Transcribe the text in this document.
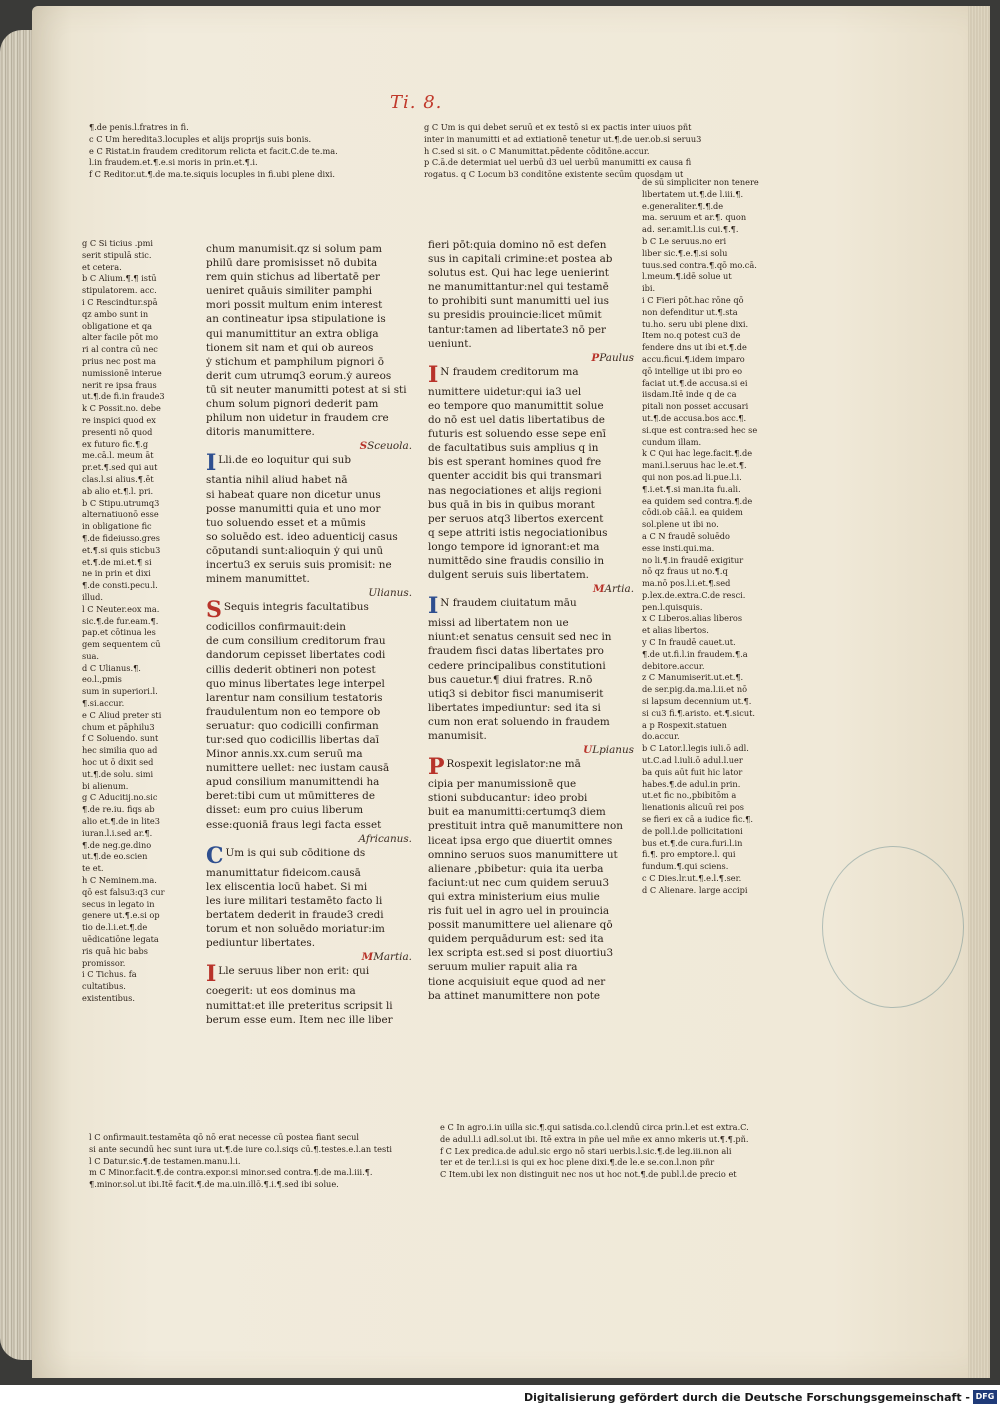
Ti. 8.

¶.de penis.l.fratres in fi.

c C Um heredita3.locuples et alijs proprijs suis bonis.

e C Ristat.in fraudem creditorum relicta et facit.C.de te.ma.

l.in fraudem.et.¶.e.si moris in prin.et.¶.i.

f C Reditor.ut.¶.de ma.te.siquis locuples in fi.ubi plene dixi.

g C Um is qui debet seruū et ex testō si ex pactis inter uiuos pñt

inter in manumitti et ad extiationē tenetur ut.¶.de uer.ob.si seruu3

h C.sed si sit. o C Manumittat.pēdente cōditōne.accur.

p C.ā.de determiat uel uerbū d3 uel uerbū manumitti ex causa fi

rogatus. q C Locum b3 conditōne existente secūm quosdam ut

g C Si ticius .pmi

serit stipulā stic.

et cetera.

b C Alium.¶.¶ istū

stipulatorem. acc.

i C Rescindtur.spā

qz ambo sunt in

obligatione et qa

alter facile pōt mo

ri al contra cū nec

prius nec post ma

numissionē interue

nerit re ipsa fraus

ut.¶.de fi.in fraude3

k C Possit.no. debe

re inspici quod ex

presenti nō quod

ex futuro fic.¶.g

me.cā.l. meum āt

pr.et.¶.sed qui aut

clas.l.si alius.¶.ēt

ab alio et.¶.l. pri.

b C Stipu.utrumq3

alternatiuonō esse

in obligatione fic

¶.de fideiusso.gres

et.¶.si quis sticbu3

et.¶.de mi.et.¶ si

ne in prin et dixi

¶.de consti.pecu.l.

illud.

l C Neuter.eox ma.

sic.¶.de fur.eam.¶.

pap.et cōtinua les

gem sequentem cū

sua.

d C Ulianus.¶.

eo.l.,pmis

sum in superiori.l.

¶.si.accur.

e C Aliud preter sti

chum et pāphilu3

f C Soluendo. sunt

hec similia quo ad

hoc ut ō dixit sed

ut.¶.de solu. simi

bi alienum.

g C Aducitij.no.sic

¶.de re.iu. fiqs ab

alio et.¶.de in lite3

iuran.l.i.sed ar.¶.

¶.de neg.ge.dino

ut.¶.de eo.scien

te et.

h C Neminem.ma.

qō est falsu3:q3 cur

secus in legato in

genere ut.¶.e.si op

tio de.l.i.et.¶.de

uēdicatiōne legata

ris quā hic babs

promissor.

i C Tichus. fa

cultatibus.

existentibus.

chum manumisit.qz si solum pam

philū dare promisisset nō dubita

rem quin stichus ad libertatē per

ueniret quāuis similiter pamphi

mori possit multum enim interest

an contineatur ipsa stipulatione is

qui manumittitur an extra obliga

tionem sit nam et qui ob aureos

ẏ stichum et pamphilum pignori ō

derit cum utrumq3 eorum.ẏ aureos

tū sit neuter manumitti potest at si sti

chum solum pignori dederit pam

philum non uidetur in fraudem cre

ditoris manumittere.

SSceuola.

I Lli.de eo loquitur qui sub

stantia nihil aliud habet nā

si habeat quare non dicetur unus

posse manumitti quia et uno mor

tuo soluendo esset et a mūmis

so soluēdo est. ideo aduenticij casus

cōputandi sunt:alioquin ẏ qui unū

incertu3 ex seruis suis promisit: ne

minem manumittet.

Ulianus.

S Sequis integris facultatibus

codicillos confirmauit:dein

de cum consilium creditorum frau

dandorum cepisset libertates codi

cillis dederit obtineri non potest

quo minus libertates lege interpel

larentur nam consilium testatoris

fraudulentum non eo tempore ob

seruatur: quo codicilli confirman

tur:sed quo codicillis libertas daī

Minor annis.xx.cum seruū ma

numittere uellet: nec iustam causā

apud consilium manumittendi ha

beret:tibi cum ut mūmitteres de

disset: eum pro cuius liberum

esse:quoniā fraus legi facta esset

Africanus.

C Um is qui sub cōditione ds

manumittatur fideicom.causā

lex eliscentia locū habet. Si mi

les iure militari testamēto facto li

bertatem dederit in fraude3 credi

torum et non soluēdo moriatur:im

pediuntur libertates.

MMartia.

I Lle seruus liber non erit: qui

coegerit: ut eos dominus ma

numittat:et ille preteritus scripsit li

berum esse eum. Item nec ille liber

fieri pōt:quia domino nō est defen

sus in capitali crimine:et postea ab

solutus est. Qui hac lege uenierint

ne manumittantur:nel qui testamē

to prohibiti sunt manumitti uel ius

su presidis prouincie:licet mūmit

tantur:tamen ad libertate3 nō per

ueniunt.

PPaulus

I N fraudem creditorum ma

numittere uidetur:qui ia3 uel

eo tempore quo manumittit solue

do nō est uel datis libertatibus de

futuris est soluendo esse sepe enī

de facultatibus suis amplius q in

bis est sperant homines quod fre

quenter accidit bis qui transmari

nas negociationes et alijs regioni

bus quā in bis in quibus morant

per seruos atq3 libertos exercent

q sepe attriti istis negociationibus

longo tempore id ignorant:et ma

numittēdo sine fraudis consilio in

dulgent seruis suis libertatem.

MArtia.

I N fraudem ciuitatum māu

missi ad libertatem non ue

niunt:et senatus censuit sed nec in

fraudem fisci datas libertates pro

cedere principalibus constitutioni

bus cauetur.¶ diui fratres. R.nō

utiq3 si debitor fisci manumiserit

libertates impediuntur: sed ita si

cum non erat soluendo in fraudem

manumisit.

ULpianus

P Rospexit legislator:ne mā

cipia per manumissionē que

stioni subducantur: ideo probi

buit ea manumitti:certumq3 diem

prestituit intra quē manumittere non

liceat ipsa ergo que diuertit omnes

omnino seruos suos manumittere ut

alienare ,pbibetur: quia ita uerba

faciunt:ut nec cum quidem seruu3

qui extra ministerium eius mulie

ris fuit uel in agro uel in prouincia

possit manumittere uel alienare qō

quidem perquādurum est: sed ita

lex scripta est.sed si post diuortiu3

seruum mulier rapuit alia ra

tione acquisiuit eque quod ad ner

ba attinet manumittere non pote

de sū simpliciter non tenere

libertatem ut.¶.de l.iii.¶.

e.generaliter.¶.¶.de

ma. seruum et ar.¶. quon

ad. ser.amit.l.is cui.¶.¶.

b C Le seruus.no eri

liber sic.¶.e.¶.si solu

tuus.sed contra.¶.qō mo.cā.

l.meum.¶.idē solue ut

ibi.

i C Fieri pōt.hac rōne qō

non defenditur ut.¶.sta

tu.ho. seru ubi plene dixi.

Item no.q potest cu3 de

fendere dns ut ibi et.¶.de

accu.ficui.¶.idem imparo

qō intellige ut ibi pro eo

faciat ut.¶.de accusa.si ei

iisdam.Itē inde q de ca

pitali non posset accusari

ut.¶.de accusa.bos acc.¶.

si.que est contra:sed hec se

cundum illam.

k C Qui hac lege.facit.¶.de

mani.l.seruus hac le.et.¶.

qui non pos.ad li.pue.l.i.

¶.i.et.¶.si man.ita fu.ali.

ea quidem sed contra.¶.de

cōdi.ob cāā.l. ea quidem

sol.plene ut ibi no.

a C N fraudē soluēdo

esse insti.qui.ma.

no li.¶.in fraudē exigitur

nō qz fraus ut no.¶.q

ma.nō pos.l.i.et.¶.sed

p.lex.de.extra.C.de resci.

pen.l.quisquis.

x C Liberos.alias liberos

et alias libertos.

y C In fraudē cauet.ut.

¶.de ut.fi.l.in fraudem.¶.a

debitore.accur.

z C Manumiserit.ut.et.¶.

de ser.pig.da.ma.l.ii.et nō

si lapsum decennium ut.¶.

si cu3 fi.¶.aristo. et.¶.sicut.

a p Rospexit.statuen

do.accur.

b C Lator.l.legis iuli.ō adl.

ut.C.ad l.iuli.ō adul.l.uer

ba quis aūt fuit hic lator

habes.¶.de adul.in prin.

ut.et fic no.,pbibitōm a

lienationis alicuū rei pos

se fieri ex cā a iudice fic.¶.

de poll.l.de pollicitationi

bus et.¶.de cura.furi.l.in

fi.¶. pro emptore.l. qui

fundum.¶.qui sciens.

c C Dies.lr.ut.¶.e.l.¶.ser.

d C Alienare. large accipi

l C onfirmauit.testamēta qō nō erat necesse cū postea fiant secul

si ante secundū hec sunt iura ut.¶.de iure co.l.siqs cū.¶.testes.e.l.an testi

l C Datur.sic.¶.de testamen.manu.l.i.

m C Minor.facit.¶.de contra.expor.si minor.sed contra.¶.de ma.l.iii.¶.

¶.minor.sol.ut ibi.Itē facit.¶.de ma.uin.illō.¶.i.¶.sed ibi solue.

e C In agro.i.in uilla sic.¶.qui satisda.co.l.clendū circa prin.l.et est extra.C.

de adul.l.i adl.sol.ut ibi. Itē extra in pñe uel mñe ex anno mkeris ut.¶.¶.pñ.

f C Lex predica.de adul.sic ergo nō stari uerbis.l.sic.¶.de leg.iii.non ali

ter et de ter.l.i.si is qui ex hoc plene dixi.¶.de le.e se.con.l.non pñr

C Item.ubi lex non distinguit nec nos ut hoc not.¶.de publ.l.de precio et

Digitalisierung gefördert durch die Deutsche Forschungsgemeinschaft - DFG
